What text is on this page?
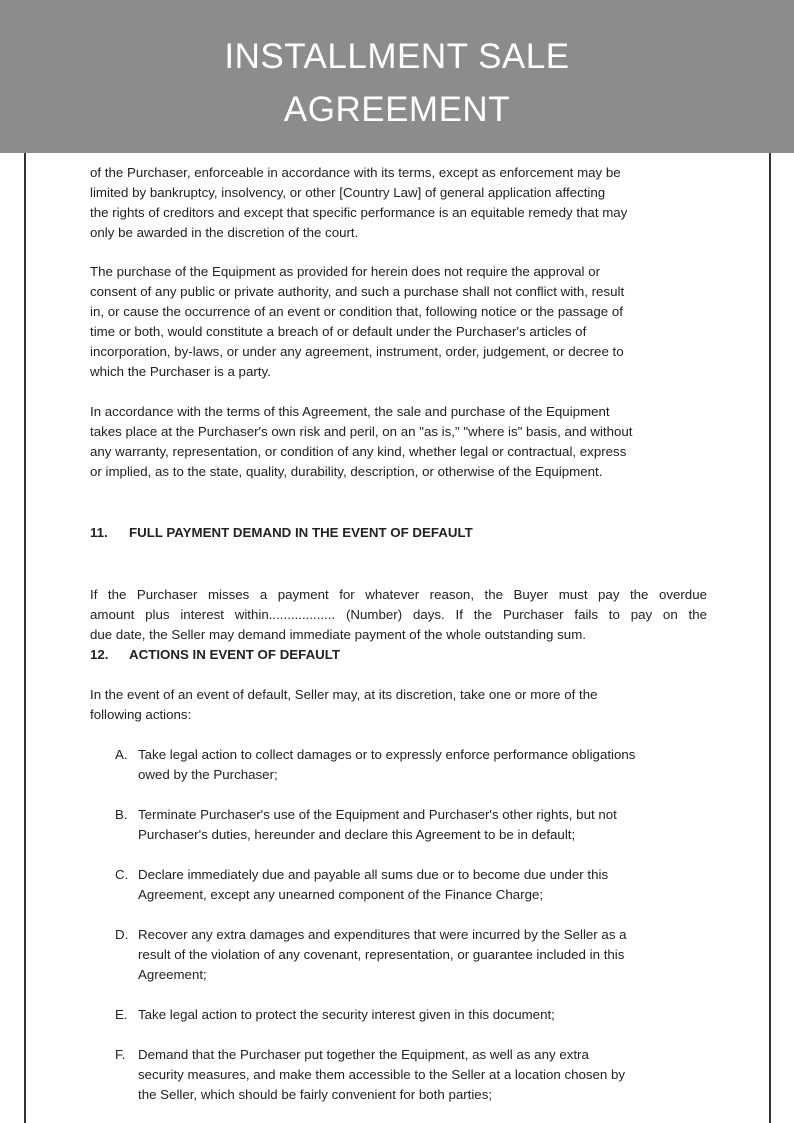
INSTALLMENT SALE
AGREEMENT
of the Purchaser, enforceable in accordance with its terms, except as enforcement may be
limited by bankruptcy, insolvency, or other [Country Law] of general application affecting
the rights of creditors and except that specific performance is an equitable remedy that may
only be awarded in the discretion of the court.
The purchase of the Equipment as provided for herein does not require the approval or
consent of any public or private authority, and such a purchase shall not conflict with, result
in, or cause the occurrence of an event or condition that, following notice or the passage of
time or both, would constitute a breach of or default under the Purchaser's articles of
incorporation, by-laws, or under any agreement, instrument, order, judgement, or decree to
which the Purchaser is a party.
In accordance with the terms of this Agreement, the sale and purchase of the Equipment
takes place at the Purchaser's own risk and peril, on an "as is," "where is" basis, and without
any warranty, representation, or condition of any kind, whether legal or contractual, express
or implied, as to the state, quality, durability, description, or otherwise of the Equipment.
11. FULL PAYMENT DEMAND IN THE EVENT OF DEFAULT
If the Purchaser misses a payment for whatever reason, the Buyer must pay the overdue
amount plus interest within.................. (Number) days. If the Purchaser fails to pay on the
due date, the Seller may demand immediate payment of the whole outstanding sum.
12. ACTIONS IN EVENT OF DEFAULT
In the event of an event of default, Seller may, at its discretion, take one or more of the
following actions:
A. Take legal action to collect damages or to expressly enforce performance obligations
owed by the Purchaser;
B. Terminate Purchaser's use of the Equipment and Purchaser's other rights, but not
Purchaser's duties, hereunder and declare this Agreement to be in default;
C. Declare immediately due and payable all sums due or to become due under this
Agreement, except any unearned component of the Finance Charge;
D. Recover any extra damages and expenditures that were incurred by the Seller as a
result of the violation of any covenant, representation, or guarantee included in this
Agreement;
E. Take legal action to protect the security interest given in this document;
F. Demand that the Purchaser put together the Equipment, as well as any extra
security measures, and make them accessible to the Seller at a location chosen by
the Seller, which should be fairly convenient for both parties;
